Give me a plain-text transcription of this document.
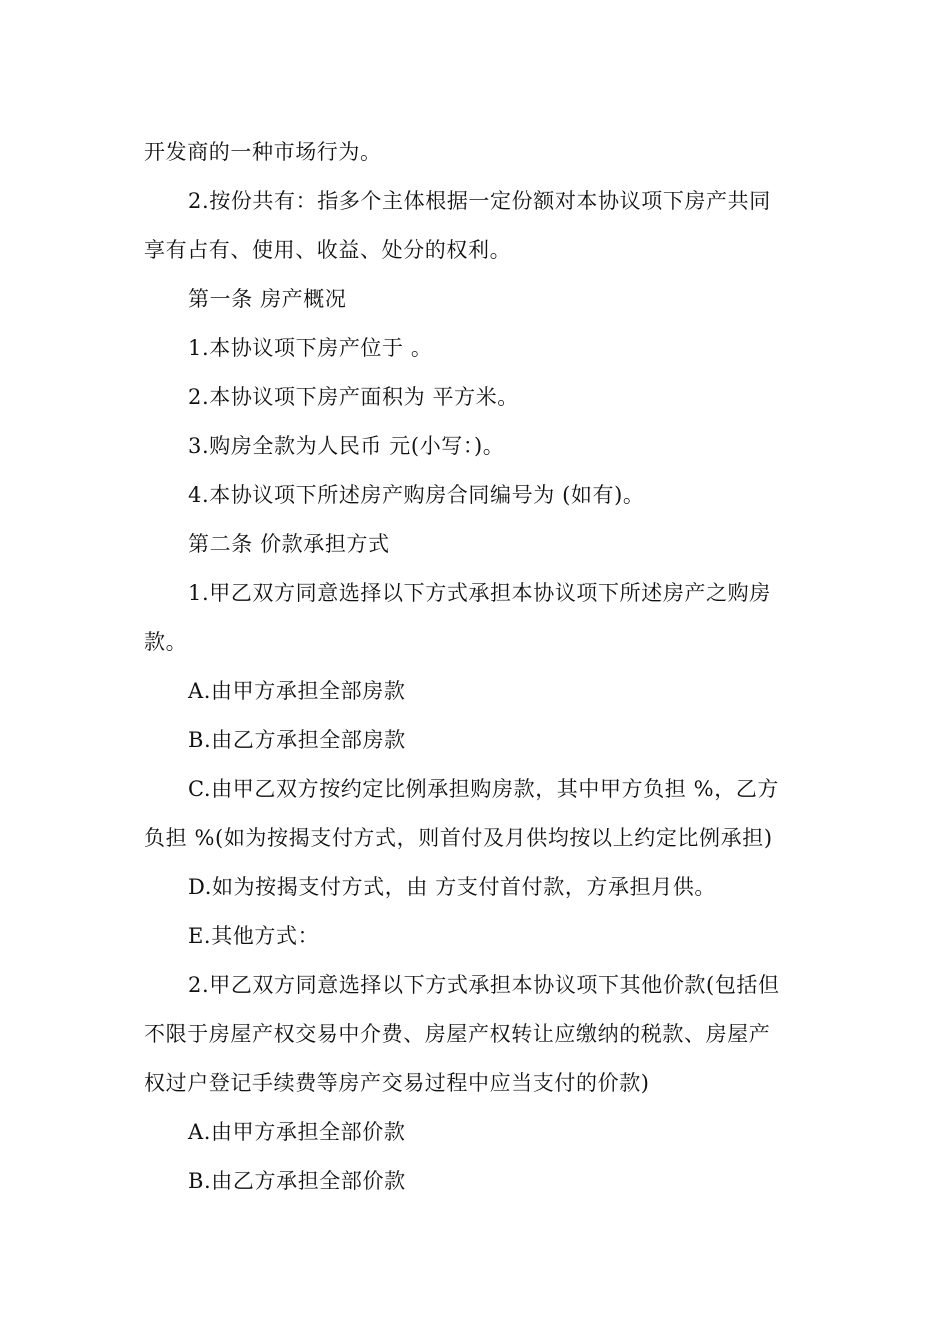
开发商的一种市场行为。
2.按份共有：指多个主体根据一定份额对本协议项下房产共同
享有占有、使用、收益、处分的权利。
第一条 房产概况
1.本协议项下房产位于 。
2.本协议项下房产面积为 平方米。
3.购房全款为人民币 元(小写：)。
4.本协议项下所述房产购房合同编号为 (如有)。
第二条 价款承担方式
1.甲乙双方同意选择以下方式承担本协议项下所述房产之购房
款。
A.由甲方承担全部房款
B.由乙方承担全部房款
C.由甲乙双方按约定比例承担购房款，其中甲方负担 %，乙方
负担 %(如为按揭支付方式，则首付及月供均按以上约定比例承担)
D.如为按揭支付方式，由 方支付首付款，方承担月供。
E.其他方式：
2.甲乙双方同意选择以下方式承担本协议项下其他价款(包括但
不限于房屋产权交易中介费、房屋产权转让应缴纳的税款、房屋产
权过户登记手续费等房产交易过程中应当支付的价款)
A.由甲方承担全部价款
B.由乙方承担全部价款
